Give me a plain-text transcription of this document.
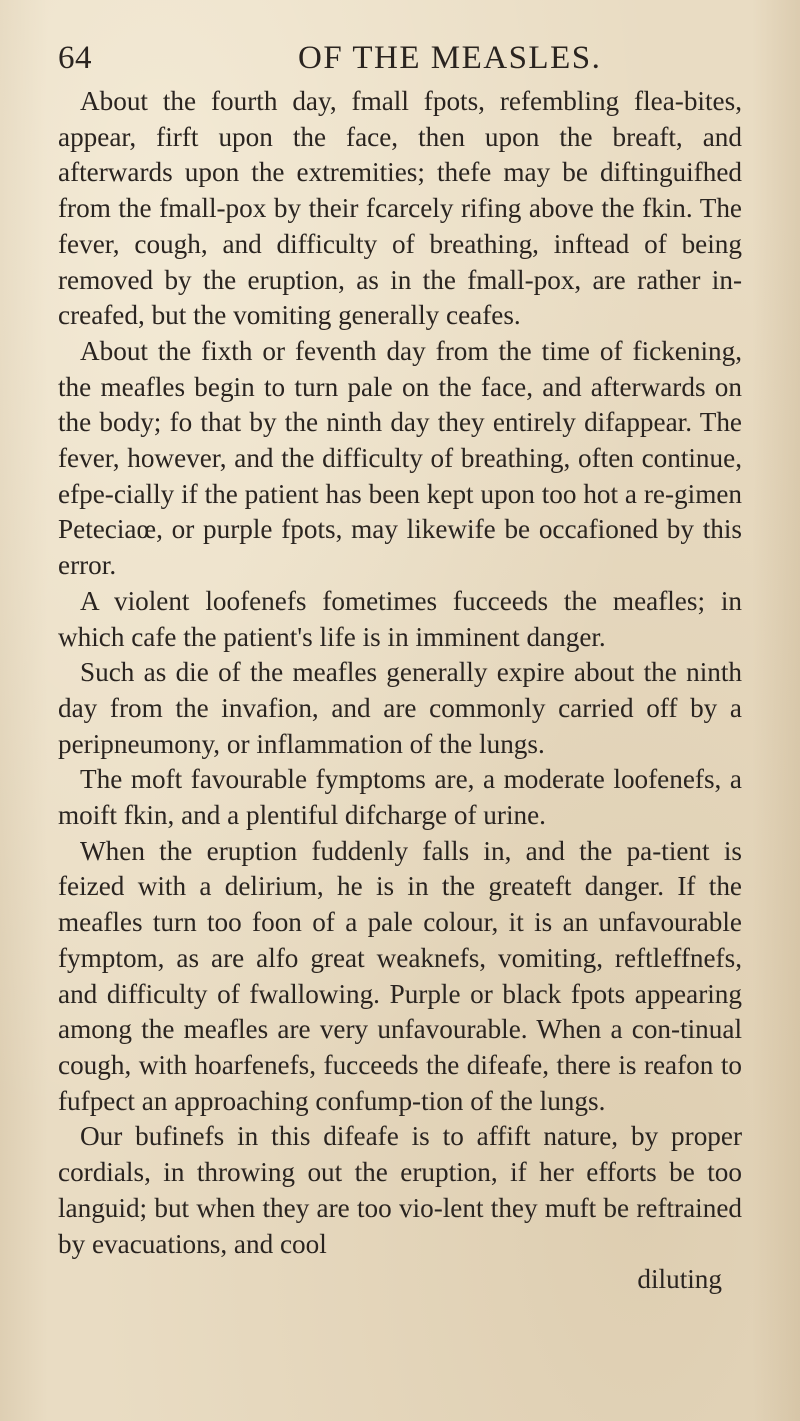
64	OF THE MEASLES.

About the fourth day, fmall fpots, refembling flea-bites, appear, firft upon the face, then upon the breaft, and afterwards upon the extremities; thefe may be diftinguifhed from the fmall-pox by their fcarcely rifing above the fkin. The fever, cough, and difficulty of breathing, inftead of being removed by the eruption, as in the fmall-pox, are rather in-creafed, but the vomiting generally ceafes.

About the fixth or feventh day from the time of fickening, the meafles begin to turn pale on the face, and afterwards on the body; fo that by the ninth day they entirely difappear. The fever, however, and the difficulty of breathing, often continue, efpe-cially if the patient has been kept upon too hot a re-gimen Peteciaœ, or purple fpots, may likewife be occafioned by this error.

A violent loofenefs fometimes fucceeds the meafles; in which cafe the patient's life is in imminent danger.

Such as die of the meafles generally expire about the ninth day from the invafion, and are commonly carried off by a peripneumony, or inflammation of the lungs.

The moft favourable fymptoms are, a moderate loofenefs, a moift fkin, and a plentiful difcharge of urine.

When the eruption fuddenly falls in, and the pa-tient is feized with a delirium, he is in the greateft danger. If the meafles turn too foon of a pale colour, it is an unfavourable fymptom, as are alfo great weaknefs, vomiting, reftleffnefs, and difficulty of fwallowing. Purple or black fpots appearing among the meafles are very unfavourable. When a con-tinual cough, with hoarfenefs, fucceeds the difeafe, there is reafon to fufpect an approaching confump-tion of the lungs.

Our bufinefs in this difeafe is to affift nature, by proper cordials, in throwing out the eruption, if her efforts be too languid; but when they are too vio-lent they muft be reftrained by evacuations, and cool

diluting
